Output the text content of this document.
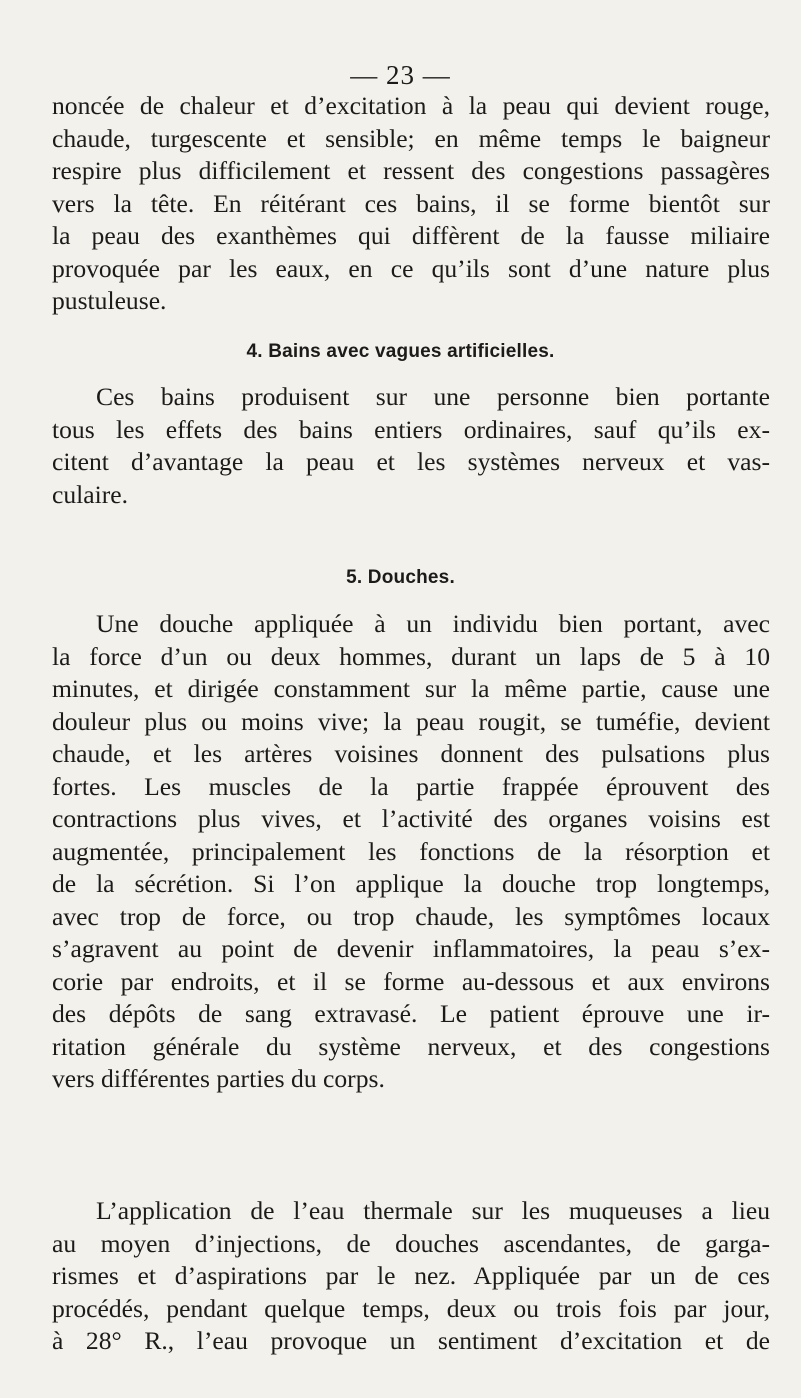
— 23 —
noncée de chaleur et d’excitation à la peau qui devient rouge,
chaude, turgescente et sensible; en même temps le baigneur
respire plus difficilement et ressent des congestions passagères
vers la tête. En réitérant ces bains, il se forme bientôt sur
la peau des exanthèmes qui diffèrent de la fausse miliaire
provoquée par les eaux, en ce qu’ils sont d’une nature plus
pustuleuse.
4. Bains avec vagues artificielles.
Ces bains produisent sur une personne bien portante
tous les effets des bains entiers ordinaires, sauf qu’ils ex-
citent d’avantage la peau et les systèmes nerveux et vas-
culaire.
5. Douches.
Une douche appliquée à un individu bien portant, avec
la force d’un ou deux hommes, durant un laps de 5 à 10
minutes, et dirigée constamment sur la même partie, cause une
douleur plus ou moins vive; la peau rougit, se tuméfie, devient
chaude, et les artères voisines donnent des pulsations plus
fortes. Les muscles de la partie frappée éprouvent des
contractions plus vives, et l’activité des organes voisins est
augmentée, principalement les fonctions de la résorption et
de la sécrétion. Si l’on applique la douche trop longtemps,
avec trop de force, ou trop chaude, les symptômes locaux
s’agravent au point de devenir inflammatoires, la peau s’ex-
corie par endroits, et il se forme au-dessous et aux environs
des dépôts de sang extravasé. Le patient éprouve une ir-
ritation générale du système nerveux, et des congestions
vers différentes parties du corps.
L’application de l’eau thermale sur les muqueuses a lieu
au moyen d’injections, de douches ascendantes, de garga-
rismes et d’aspirations par le nez. Appliquée par un de ces
procédés, pendant quelque temps, deux ou trois fois par jour,
à 28° R., l’eau provoque un sentiment d’excitation et de
